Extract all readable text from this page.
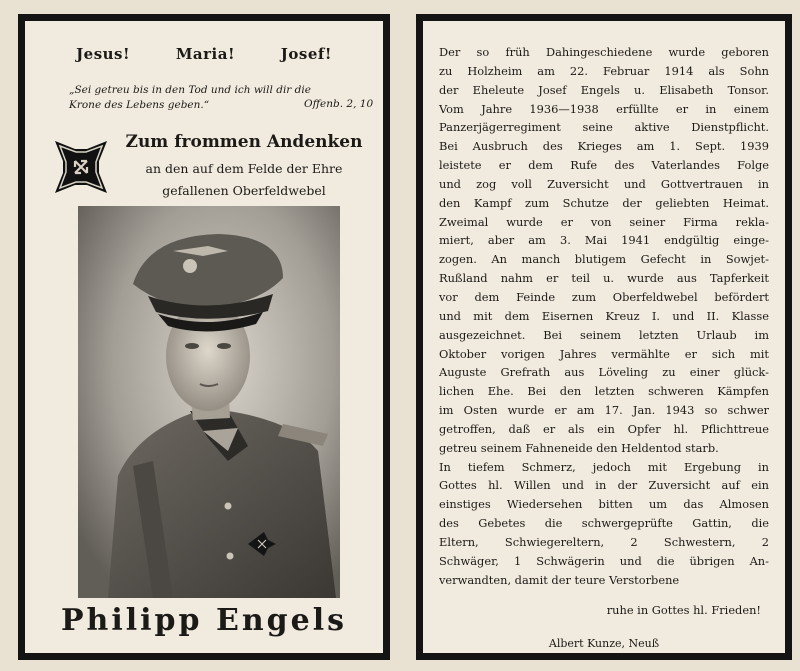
Jesus!	Maria!	Josef!
„Sei getreu bis in den Tod und ich will dir die
Krone des Lebens geben.“	Offenb. 2, 10
Zum frommen Andenken
an den auf dem Felde der Ehre
gefallenen Oberfeldwebel
Philipp Engels
Der so früh Dahingeschiedene wurde geboren
zu Holzheim am 22. Februar 1914 als Sohn
der Eheleute Josef Engels u. Elisabeth Tonsor.
Vom Jahre 1936—1938 erfüllte er in einem
Panzerjägerregiment seine aktive Dienstpflicht.
Bei Ausbruch des Krieges am 1. Sept. 1939
leistete er dem Rufe des Vaterlandes Folge
und zog voll Zuversicht und Gottvertrauen in
den Kampf zum Schutze der geliebten Heimat.
Zweimal wurde er von seiner Firma rekla-
miert, aber am 3. Mai 1941 endgültig einge-
zogen. An manch blutigem Gefecht in Sowjet-
Rußland nahm er teil u. wurde aus Tapferkeit
vor dem Feinde zum Oberfeldwebel befördert
und mit dem Eisernen Kreuz I. und II. Klasse
ausgezeichnet. Bei seinem letzten Urlaub im
Oktober vorigen Jahres vermählte er sich mit
Auguste Grefrath aus Löveling zu einer glück-
lichen Ehe. Bei den letzten schweren Kämpfen
im Osten wurde er am 17. Jan. 1943 so schwer
getroffen, daß er als ein Opfer hl. Pflichttreue
getreu seinem Fahneneide den Heldentod starb.
In tiefem Schmerz, jedoch mit Ergebung in
Gottes hl. Willen und in der Zuversicht auf ein
einstiges Wiedersehen bitten um das Almosen
des Gebetes die schwergeprüfte Gattin, die
Eltern, Schwiegereltern, 2 Schwestern, 2
Schwäger, 1 Schwägerin und die übrigen An-
verwandten, damit der teure Verstorbene
ruhe in Gottes hl. Frieden!
Albert Kunze, Neuß
